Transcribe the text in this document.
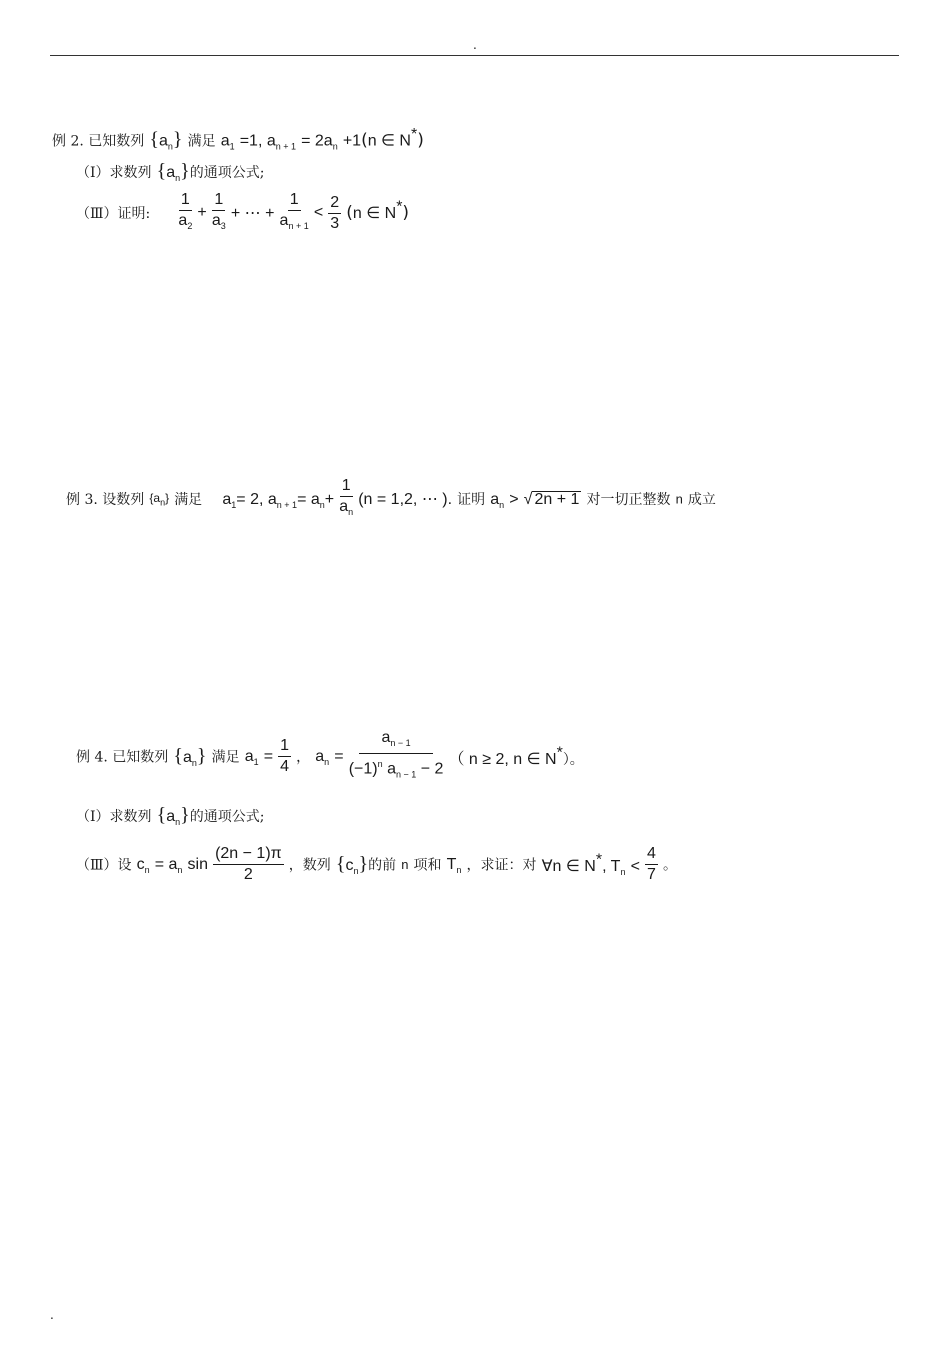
.
例 2. 已知数列 $\{a_n\}$ 满足 $a_1 =1$, $a_{n + 1} = 2a_n +1(n$ ∈ N*)
（Ⅰ）求数列 $\{a_n\}$的通项公式;
（Ⅲ）证明: $\frac{1}{a_2} + \frac{1}{a_3}$ + ⋯ + $\frac{1}{a_{n + 1}} < \frac{2}{3} (n$ ∈ N*)
例 3. 设数列 $\{a_n\}$ 满足 $a_1= 2$, $a_{n + 1}= a_n+ \frac{1}{a_n} (n = 1,2$, ⋯ ). 证明 $a_n$ > √ 2n + 1 对一切正整数 n 成立
例 4. 已知数列 $\{a_n\}$ 满足 $a_1 = \frac{1}{4}$ ， $a_n = \frac{a_{n - 1}}{(-1)^n a_{n - 1} - 2}$ （ n ≥ 2, n ∈ N*）。
（Ⅰ）求数列 $\{a_n\}$的通项公式;
（Ⅲ）设 $c_n = a_n$ $\sin \frac{(2n - 1)\pi}{2}$ ，数列 $\{c_n\}$的前 n 项和 $T_n$ ，求证：对 ∀n ∈ N*, $T_n < \frac{4}{7}$ 。
.
